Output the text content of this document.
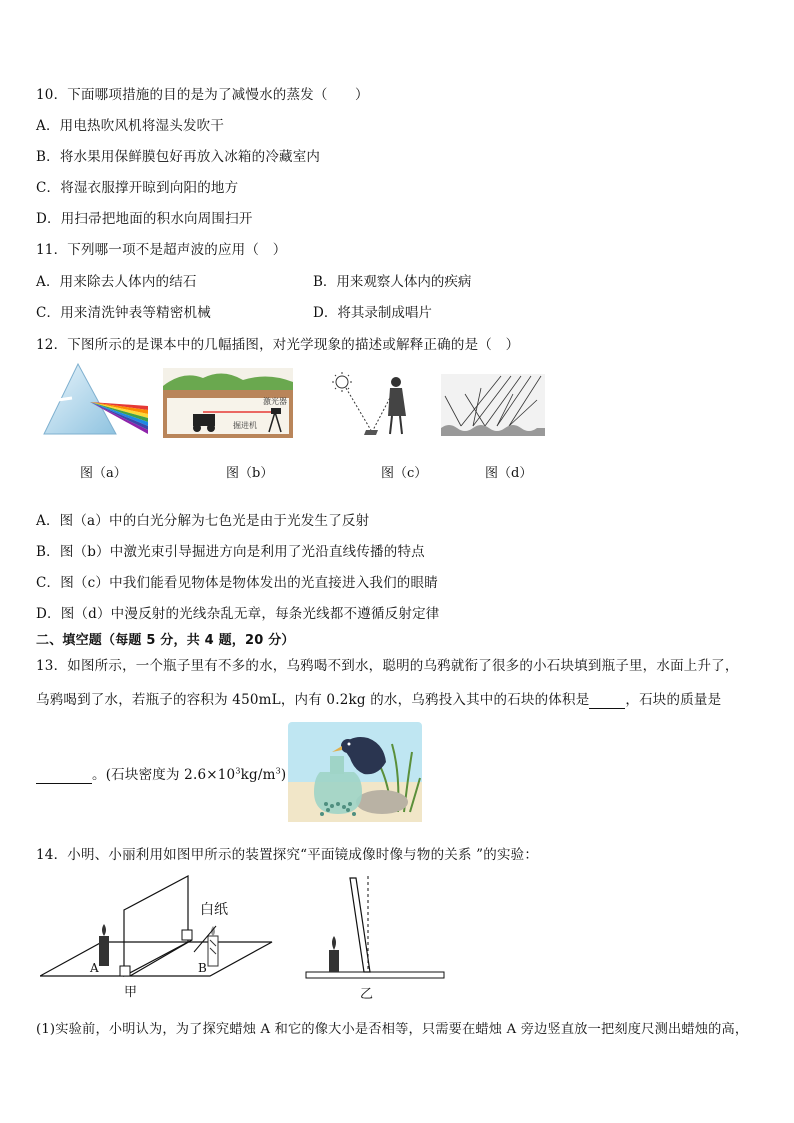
10．下面哪项措施的目的是为了减慢水的蒸发（　　）
A．用电热吹风机将湿头发吹干
B．将水果用保鲜膜包好再放入冰箱的冷藏室内
C．将湿衣服撑开晾到向阳的地方
D．用扫帚把地面的积水向周围扫开
11．下列哪一项不是超声波的应用（　）
A．用来除去人体内的结石	B．用来观察人体内的疾病
C．用来清洗钟表等精密机械	D．将其录制成唱片
12．下图所示的是课本中的几幅插图，对光学现象的描述或解释正确的是（　）
激光器
掘进机
图（a）	图（b）	图（c）	图（d）
A．图（a）中的白光分解为七色光是由于光发生了反射
B．图（b）中激光束引导掘进方向是利用了光沿直线传播的特点
C．图（c）中我们能看见物体是物体发出的光直接进入我们的眼睛
D．图（d）中漫反射的光线杂乱无章，每条光线都不遵循反射定律
二、填空题（每题 5 分，共 4 题，20 分）
13．如图所示，一个瓶子里有不多的水，乌鸦喝不到水，聪明的乌鸦就衔了很多的小石块填到瓶子里，水面上升了，
乌鸦喝到了水，若瓶子的容积为 450mL，内有 0.2kg 的水，乌鸦投入其中的石块的体积是	，石块的质量是
。(石块密度为 $2.6\times 10^3kg/m^3$)
14．小明、小丽利用如图甲所示的装置探究“平面镜成像时像与物的关系 ”的实验：
白纸
A	B
甲	乙
(1)实验前，小明认为，为了探究蜡烛 A 和它的像大小是否相等，只需要在蜡烛 A 旁边竖直放一把刻度尺测出蜡烛的高，
